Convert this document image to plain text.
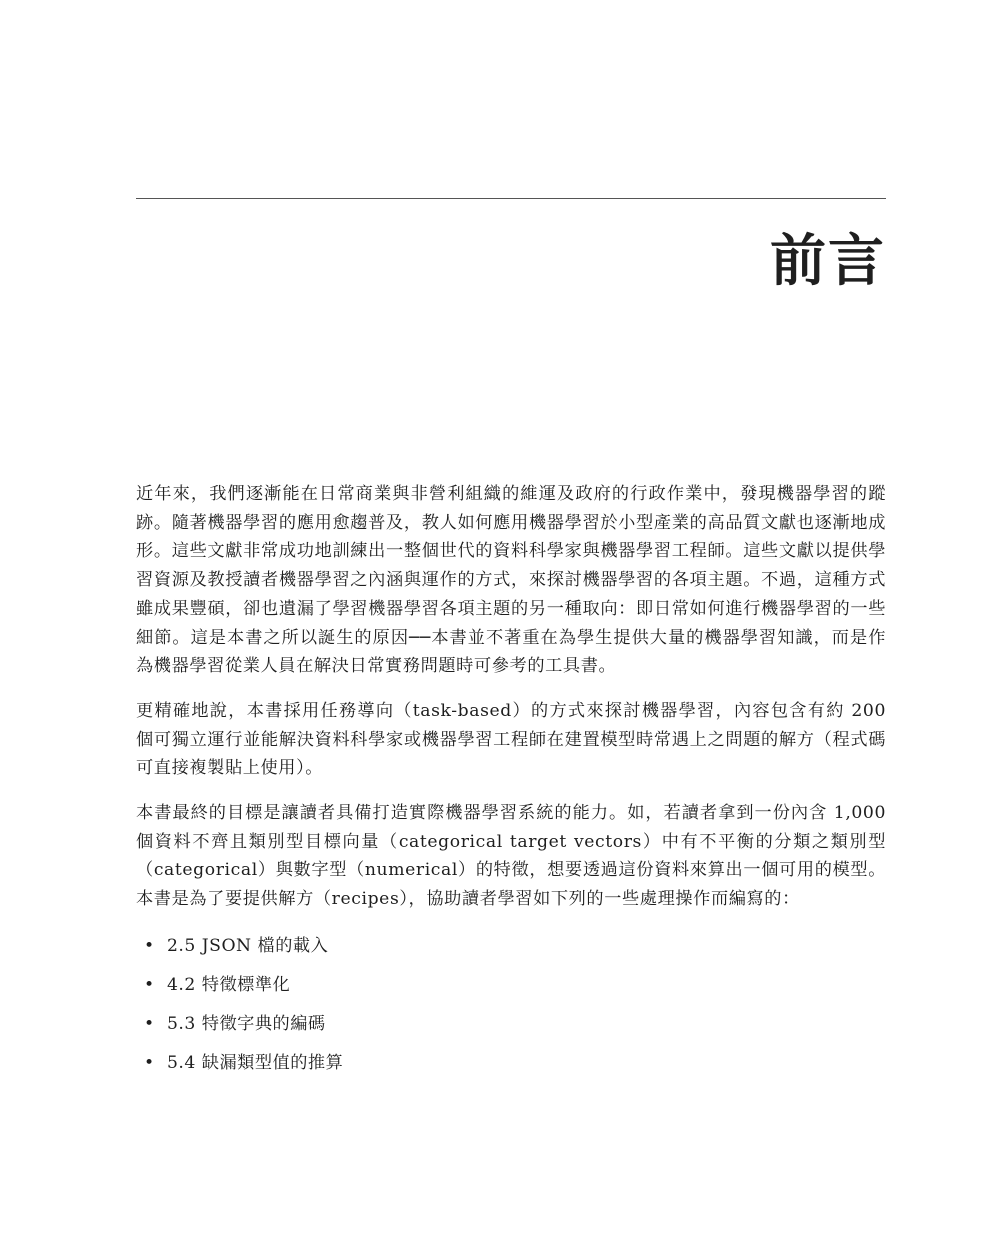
前言

近年來，我們逐漸能在日常商業與非營利組織的維運及政府的行政作業中，發現機器學習的蹤跡。隨著機器學習的應用愈趨普及，教人如何應用機器學習於小型產業的高品質文獻也逐漸地成形。這些文獻非常成功地訓練出一整個世代的資料科學家與機器學習工程師。這些文獻以提供學習資源及教授讀者機器學習之內涵與運作的方式，來探討機器學習的各項主題。不過，這種方式雖成果豐碩，卻也遺漏了學習機器學習各項主題的另一種取向：即日常如何進行機器學習的一些細節。這是本書之所以誕生的原因──本書並不著重在為學生提供大量的機器學習知識，而是作為機器學習從業人員在解決日常實務問題時可參考的工具書。

更精確地說，本書採用任務導向（task-based）的方式來探討機器學習，內容包含有約 200 個可獨立運行並能解決資料科學家或機器學習工程師在建置模型時常遇上之問題的解方（程式碼可直接複製貼上使用）。

本書最終的目標是讓讀者具備打造實際機器學習系統的能力。如，若讀者拿到一份內含 1,000 個資料不齊且類別型目標向量（categorical target vectors）中有不平衡的分類之類別型（categorical）與數字型（numerical）的特徵，想要透過這份資料來算出一個可用的模型。本書是為了要提供解方（recipes），協助讀者學習如下列的一些處理操作而編寫的：

• 2.5 JSON 檔的載入
• 4.2 特徵標準化
• 5.3 特徵字典的編碼
• 5.4 缺漏類型值的推算
